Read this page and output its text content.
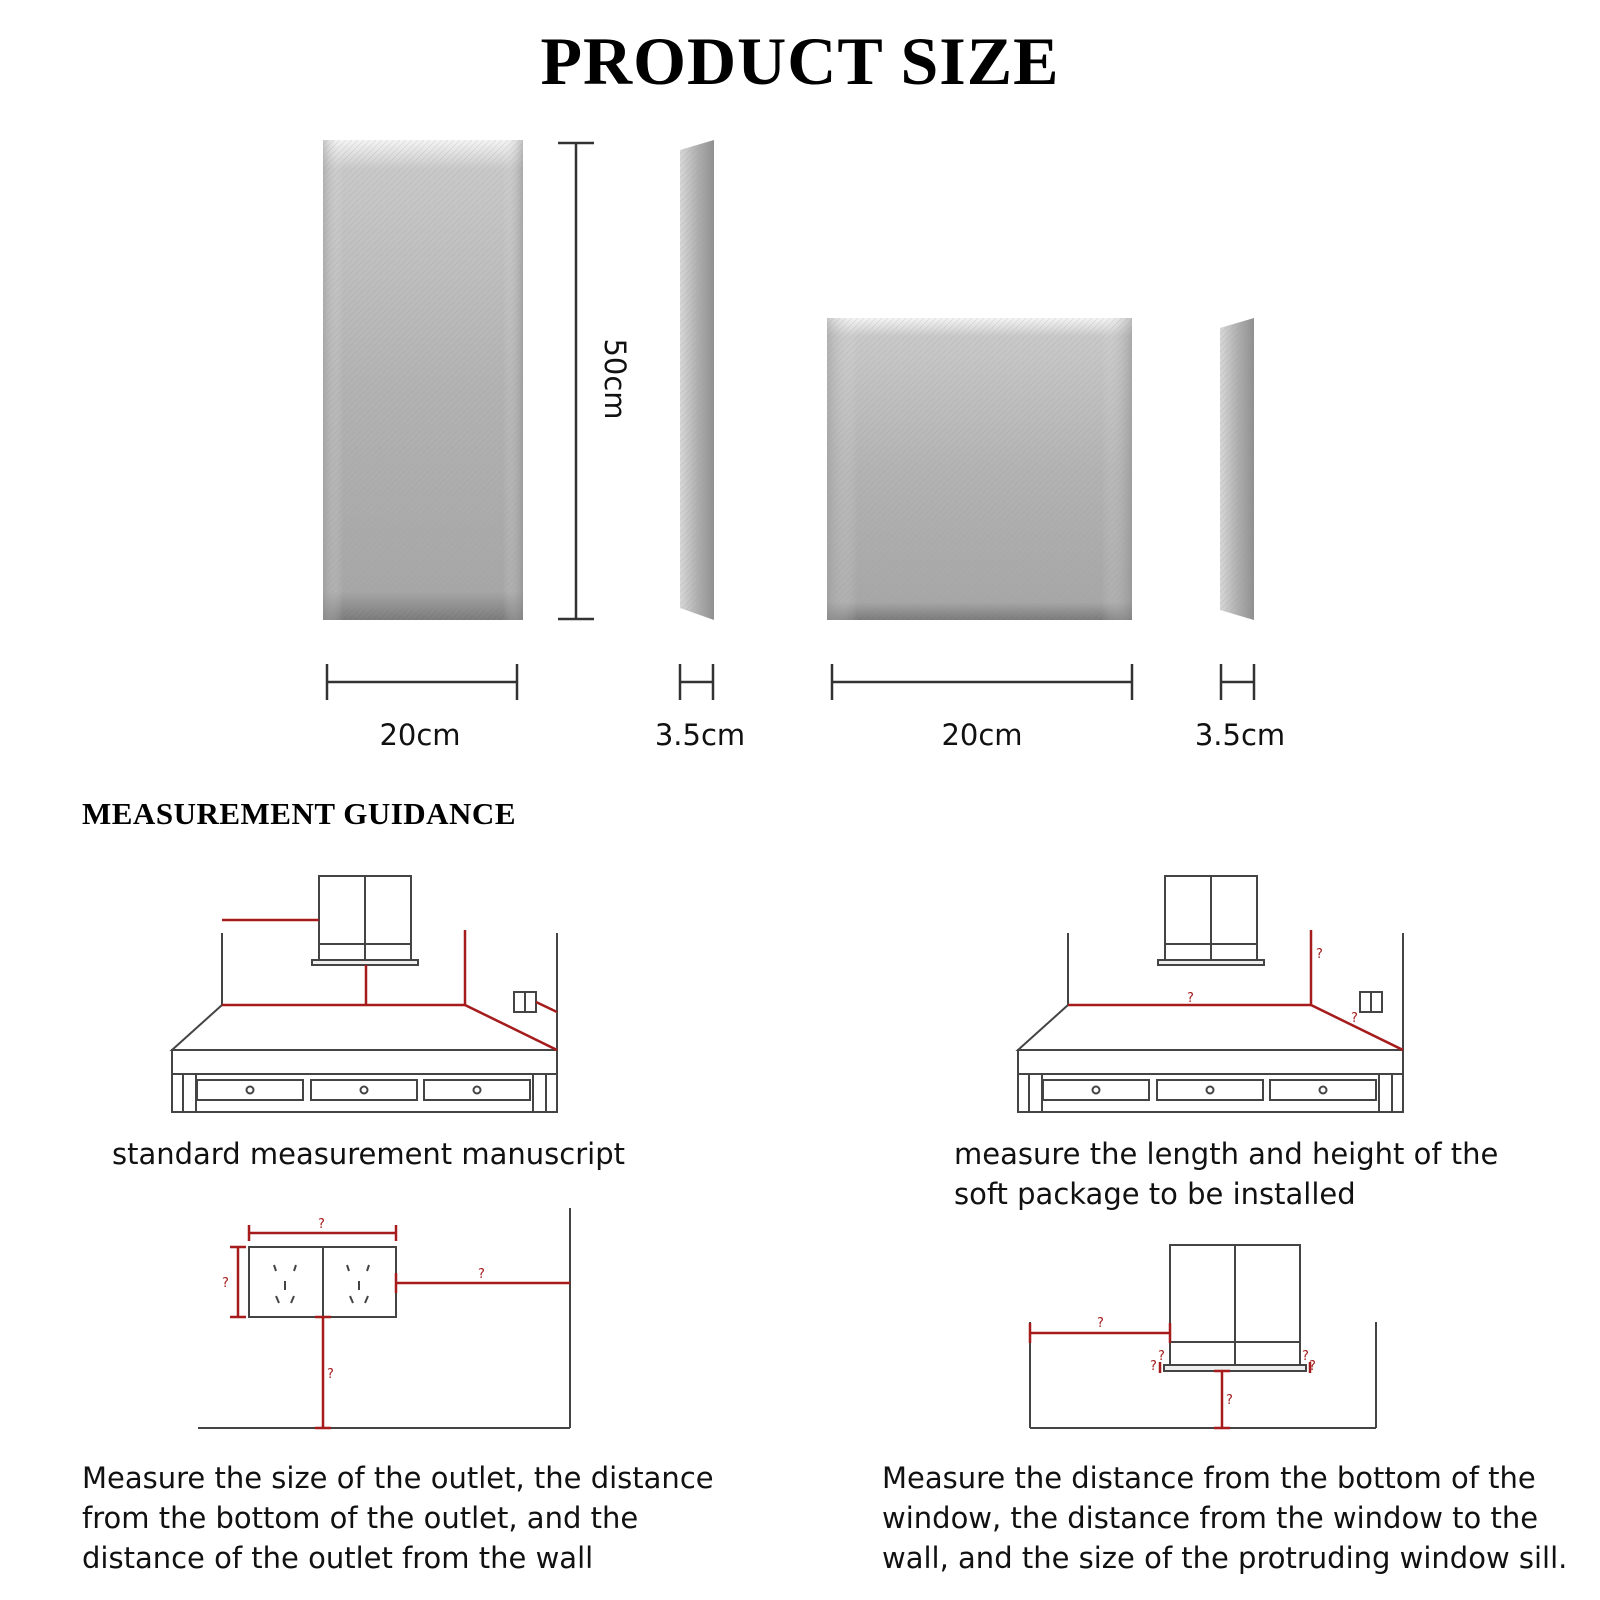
PRODUCT SIZE
?
?
?
?
?
?
?
?
?
?	?
?
?
50cm
20cm	3.5cm	20cm	3.5cm
MEASUREMENT GUIDANCE
standard measurement manuscript	measure the length and height of the soft package to be installed
Measure the size of the outlet, the distance from the bottom of the outlet, and the distance of the outlet from the wall
Measure the distance from the bottom of the window, the distance from the window to the wall, and the size of the protruding window sill.
